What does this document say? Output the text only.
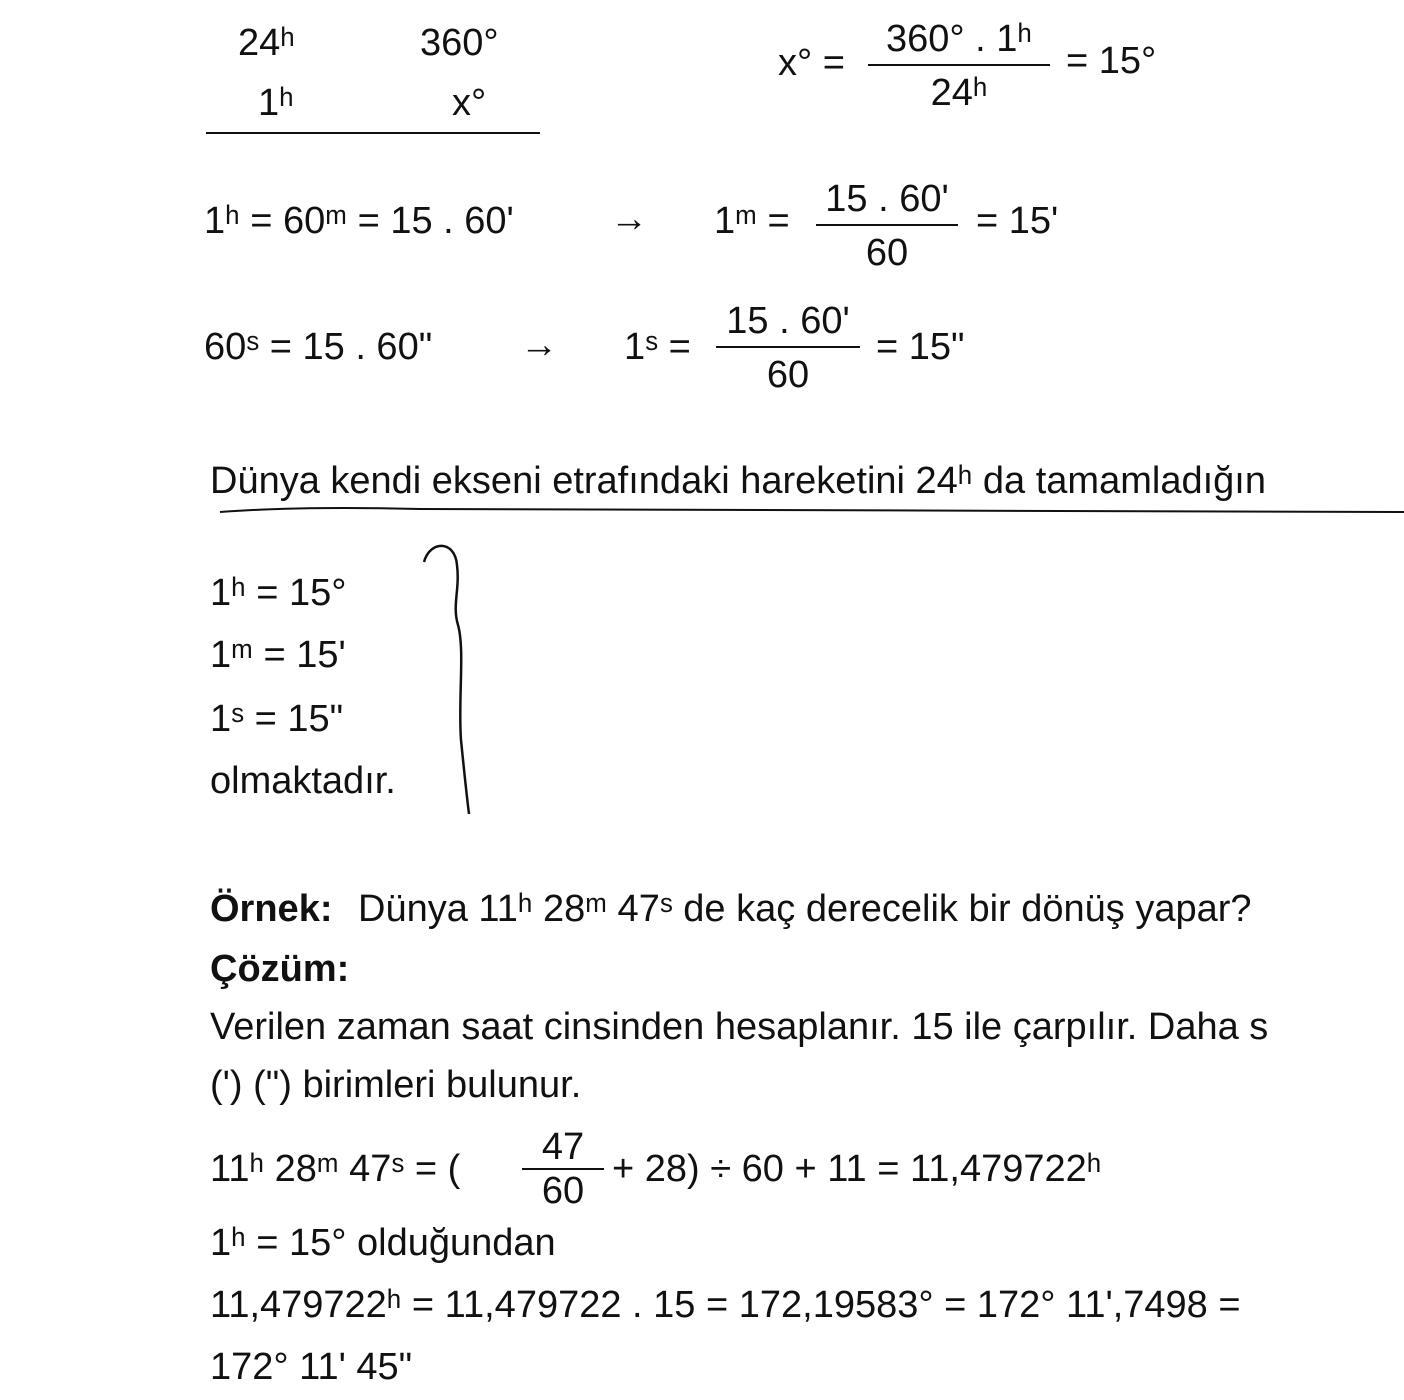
24ʰ	360°
1ʰ	x°
x° =
360° . 1ʰ
24ʰ
= 15°
1ʰ = 60ᵐ = 15 . 60'	→ 1ᵐ =
15 . 60'
60
= 15'
60ˢ = 15 . 60" → 1ˢ =
15 . 60'
60
= 15"
Dünya kendi ekseni etrafındaki hareketini 24ʰ da tamamladığın
1ʰ = 15°
1ᵐ = 15'
1ˢ = 15"
olmaktadır.
Örnek: Dünya 11ʰ 28ᵐ 47ˢ de kaç derecelik bir dönüş yapar?
Çözüm:
Verilen zaman saat cinsinden hesaplanır. 15 ile çarpılır. Daha s
(') (") birimleri bulunur.
11ʰ 28ᵐ 47ˢ = (
47
60
+ 28) ÷ 60 + 11 = 11,479722ʰ
1ʰ = 15° olduğundan
11,479722ʰ = 11,479722 . 15 = 172,19583° = 172° 11',7498 =
172° 11' 45"
